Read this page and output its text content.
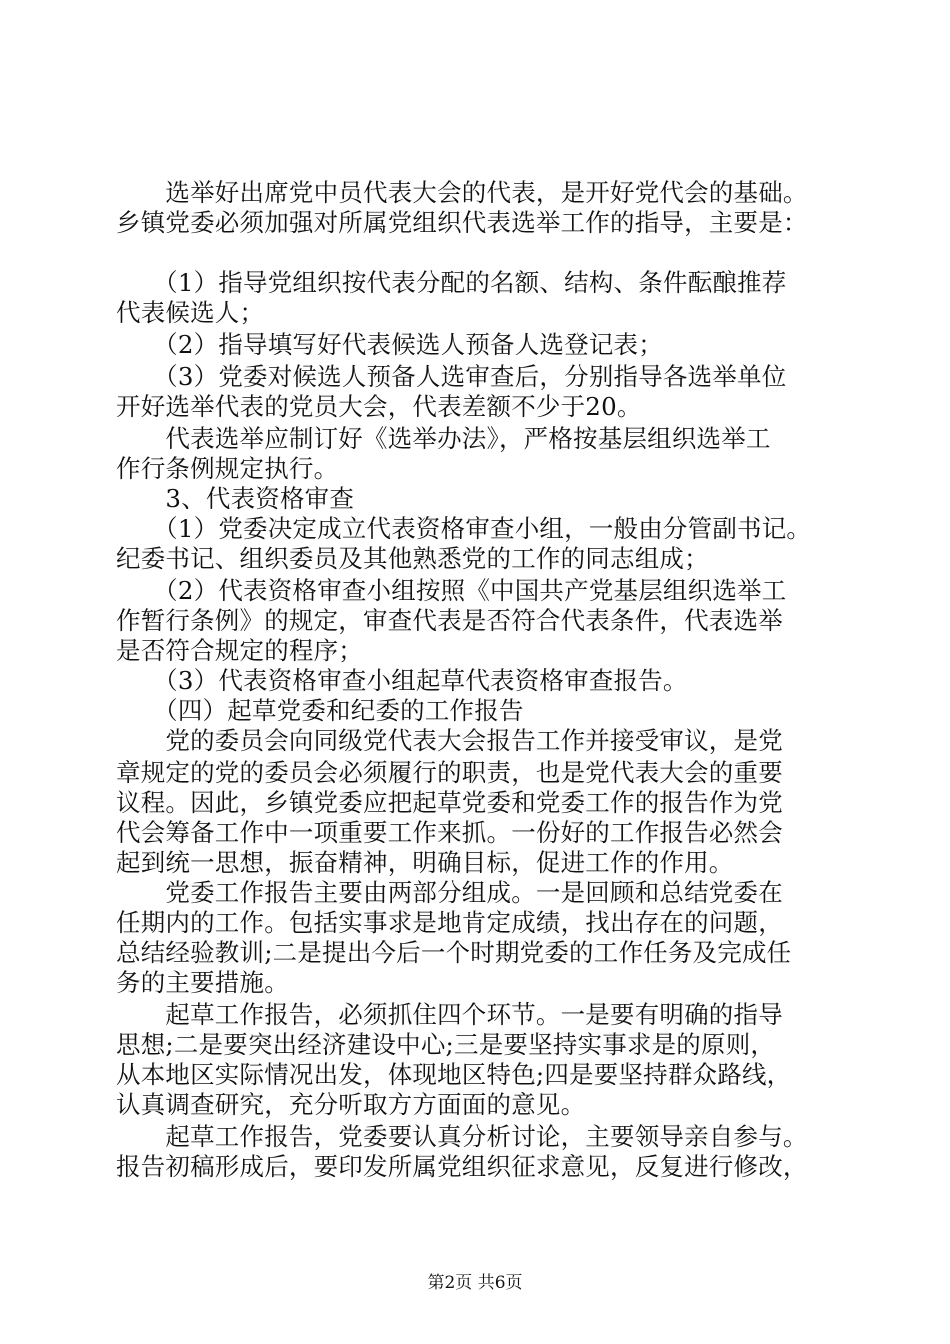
　　选举好出席党中员代表大会的代表，是开好党代会的基础。
乡镇党委必须加强对所属党组织代表选举工作的指导，主要是：
　　（1）指导党组织按代表分配的名额、结构、条件酝酿推荐
代表候选人；
　　（2）指导填写好代表候选人预备人选登记表；
　　（3）党委对候选人预备人选审查后，分别指导各选举单位
开好选举代表的党员大会，代表差额不少于20。
　　代表选举应制订好《选举办法》，严格按基层组织选举工
作行条例规定执行。
　　3、代表资格审查
　　（1）党委决定成立代表资格审查小组，一般由分管副书记。
纪委书记、组织委员及其他熟悉党的工作的同志组成；
　　（2）代表资格审查小组按照《中国共产党基层组织选举工
作暂行条例》的规定，审查代表是否符合代表条件，代表选举
是否符合规定的程序；
　　（3）代表资格审查小组起草代表资格审查报告。
　　（四）起草党委和纪委的工作报告
　　党的委员会向同级党代表大会报告工作并接受审议，是党
章规定的党的委员会必须履行的职责，也是党代表大会的重要
议程。因此，乡镇党委应把起草党委和党委工作的报告作为党
代会筹备工作中一项重要工作来抓。一份好的工作报告必然会
起到统一思想，振奋精神，明确目标，促进工作的作用。
　　党委工作报告主要由两部分组成。一是回顾和总结党委在
任期内的工作。包括实事求是地肯定成绩，找出存在的问题，
总结经验教训;二是提出今后一个时期党委的工作任务及完成任
务的主要措施。
　　起草工作报告，必须抓住四个环节。一是要有明确的指导
思想;二是要突出经济建设中心;三是要坚持实事求是的原则，
从本地区实际情况出发，体现地区特色;四是要坚持群众路线，
认真调查研究，充分听取方方面面的意见。
　　起草工作报告，党委要认真分析讨论，主要领导亲自参与。
报告初稿形成后，要印发所属党组织征求意见，反复进行修改，
第2页 共6页
